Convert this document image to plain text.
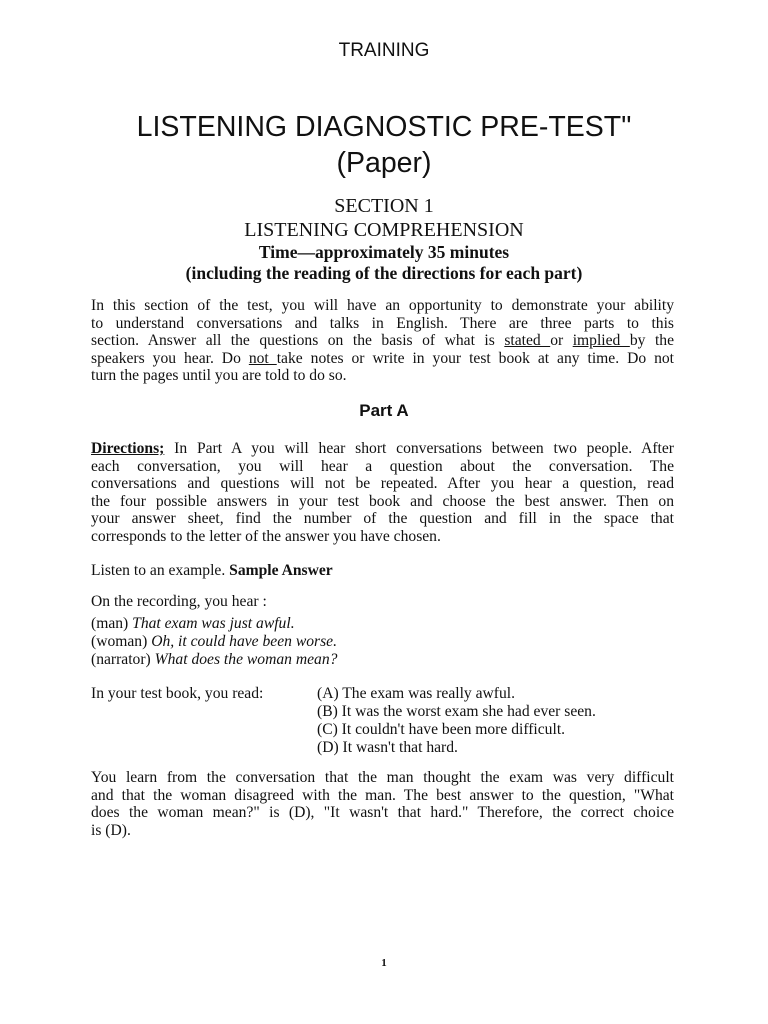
TRAINING
LISTENING DIAGNOSTIC PRE-TEST"
(Paper)
SECTION 1
LISTENING COMPREHENSION
Time—approximately 35 minutes
(including the reading of the directions for each part)
In this section of the test, you will have an opportunity to demonstrate your ability
to understand conversations and talks in English. There are three parts to this
section. Answer all the questions on the basis of what is stated or implied by the
speakers you hear. Do not take notes or write in your test book at any time. Do not
turn the pages until you are told to do so.
Part A
Directions; In Part A you will hear short conversations between two people. After
each conversation, you will hear a question about the conversation. The
conversations and questions will not be repeated. After you hear a question, read
the four possible answers in your test book and choose the best answer. Then on
your answer sheet, find the number of the question and fill in the space that
corresponds to the letter of the answer you have chosen.
Listen to an example. Sample Answer
On the recording, you hear :
(man) That exam was just awful.
(woman) Oh, it could have been worse.
(narrator) What does the woman mean?
In your test book, you read:	(A) The exam was really awful.
(B) It was the worst exam she had ever seen.
(C) It couldn't have been more difficult.
(D) It wasn't that hard.
You learn from the conversation that the man thought the exam was very difficult
and that the woman disagreed with the man. The best answer to the question, "What
does the woman mean?" is (D), "It wasn't that hard." Therefore, the correct choice
is (D).
1
